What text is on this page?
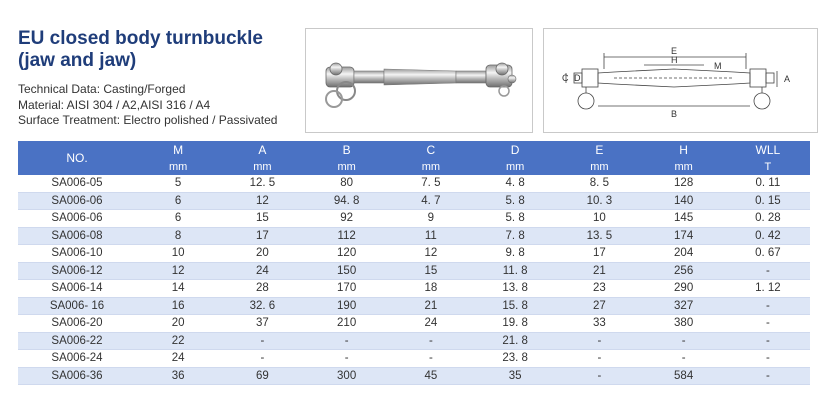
EU closed body turnbuckle
(jaw and jaw)
Technical Data: Casting/Forged
Material: AISI 304 / A2,AISI 316 / A4
Surface Treatment: Electro polished / Passivated
C D
E
H
M
A
B
NO.	M	A	B	C	D	E	H	WLL
	mm	mm	mm	mm	mm	mm	mm	T
SA006-05	5	12. 5	80	7. 5	4. 8	8. 5	128	0. 11
SA006-06	6	12	94. 8	4. 7	5. 8	10. 3	140	0. 15
SA006-06	6	15	92	9	5. 8	10	145	0. 28
SA006-08	8	17	112	11	7. 8	13. 5	174	0. 42
SA006-10	10	20	120	12	9. 8	17	204	0. 67
SA006-12	12	24	150	15	11. 8	21	256	-
SA006-14	14	28	170	18	13. 8	23	290	1. 12
SA006- 16	16	32. 6	190	21	15. 8	27	327	-
SA006-20	20	37	210	24	19. 8	33	380	-
SA006-22	22	-	-	-	21. 8	-	-	-
SA006-24	24	-	-	-	23. 8	-	-	-
SA006-36	36	69	300	45	35	-	584	-
